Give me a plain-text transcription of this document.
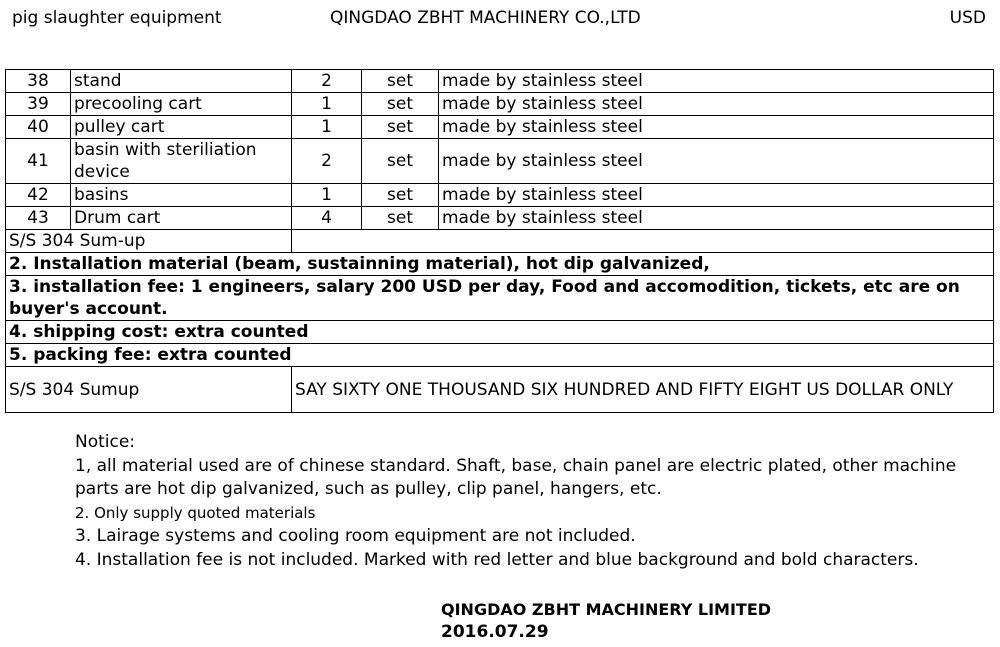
pig slaughter equipment	QINGDAO ZBHT MACHINERY CO.,LTD	USD
38	stand	2	set	made by stainless steel
39	precooling cart	1	set	made by stainless steel
40	pulley cart	1	set	made by stainless steel
41	basin with steriliation device	2	set	made by stainless steel
42	basins	1	set	made by stainless steel
43	Drum cart	4	set	made by stainless steel
S/S 304 Sum-up				
2. Installation material (beam, sustainning material), hot dip galvanized,				
3. installation fee: 1 engineers, salary 200 USD per day, Food and accomodition, tickets, etc are on buyer's account.				
4. shipping cost: extra counted				
5. packing fee: extra counted				
S/S 304 Sumup		SAY SIXTY ONE THOUSAND SIX HUNDRED AND FIFTY EIGHT US DOLLAR ONLY		
Notice:
1, all material used are of chinese standard. Shaft, base, chain panel are electric plated, other machine parts are hot dip galvanized, such as pulley, clip panel, hangers, etc.
2. Only supply quoted materials
3. Lairage systems and cooling room equipment are not included.
4. Installation fee is not included. Marked with red letter and blue background and bold characters.
QINGDAO ZBHT MACHINERY LIMITED
2016.07.29
